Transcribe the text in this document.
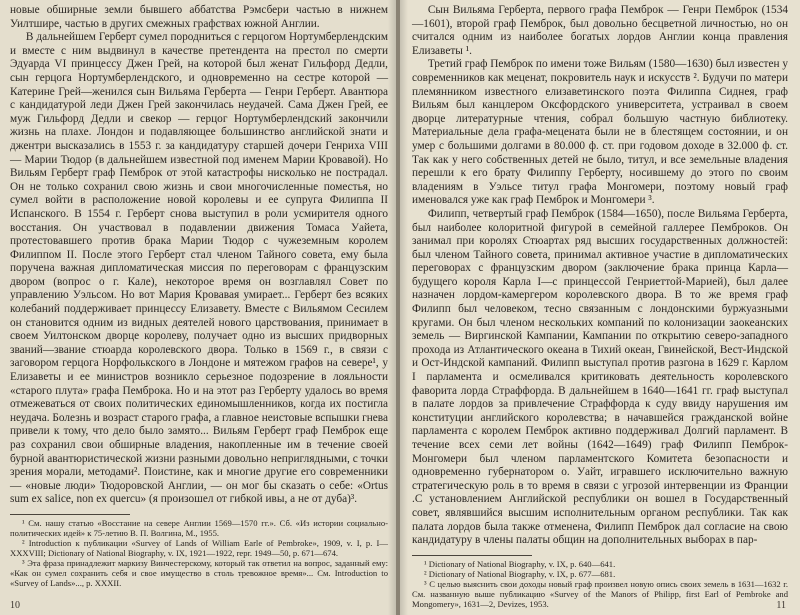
новые обширные земли бывшего аббатства Рэмсбери частью в нижнем Уилтшире, частью в других смежных графствах южной Англии.

В дальнейшем Герберт сумел породниться с герцогом Нортумберлендским и вместе с ним выдвинул в качестве претендента на престол по смерти Эдуарда VI принцессу Джен Грей, на которой был женат Гильфорд Дедли, сын герцога Нортумберлендского, и одновременно на сестре которой — Катерине Грей—женился сын Вильяма Герберта — Генри Герберт. Авантюра с кандидатурой леди Джен Грей закончилась неудачей. Сама Джен Грей, ее муж Гильфорд Дедли и свекор — герцог Нортумберлендский закончили жизнь на плахе. Лондон и подавляющее большинство английской знати и джентри высказались в 1553 г. за кандидатуру старшей дочери Генриха VIII — Марии Тюдор (в дальнейшем известной под именем Марии Кровавой). Но Вильям Герберт граф Пемброк от этой катастрофы нисколько не пострадал. Он не только сохранил свою жизнь и свои многочисленные поместья, но сумел войти в расположение новой королевы и ее супруга Филиппа II Испанского. В 1554 г. Герберт снова выступил в роли усмирителя одного восстания. Он участвовал в подавлении движения Томаса Уайета, протестовавшего против брака Марии Тюдор с чужеземным королем Филиппом II. После этого Герберт стал членом Тайного совета, ему была поручена важная дипломатическая миссия по переговорам с французским двором (вопрос о г. Кале), некоторое время он возглавлял Совет по управлению Уэльсом. Но вот Мария Кровавая умирает... Герберт без всяких колебаний поддерживает принцессу Елизавету. Вместе с Вильямом Сесилем он становится одним из видных деятелей нового царствования, принимает в своем Уилтонском дворце королеву, получает одно из высших придворных званий—звание стюарда королевского двора. Только в 1569 г., в связи с заговором герцога Норфолькского в Лондоне и мятежом графов на севере¹, у Елизаветы и ее министров возникло серьезное подозрение в лояльности «старого плута» графа Пемброка. Но и на этот раз Герберту удалось во время отмежеваться от своих политических единомышленников, когда их постигла неудача. Болезнь и возраст старого графа, а главное неистовые вспышки гнева привели к тому, что дело было замято... Вильям Герберт граф Пемброк еще раз сохранил свои обширные владения, накопленные им в течение своей бурной авантюристической жизни разными довольно неприглядными, с точки зрения морали, методами². Поистине, как и многие другие его современники — «новые люди» Тюдоровской Англии, — он мог бы сказать о себе: «Ortus sum ex salice, non ex quercu» (я произошел от гибкой ивы, а не от дуба)³.

¹ См. нашу статью «Восстание на севере Англии 1569—1570 гг.». Сб. «Из истории социально-политических идей» к 75-летию В. П. Волгина, М., 1955.

² Introduction к публикации «Survey of Lands of William Earle of Pembroke», 1909, v. I, p. I—XXXVIII; Dictionary of National Biography, v. IX, 1921—1922, repr. 1949—50, p. 671—674.

³ Эта фраза принадлежит маркизу Винчестерскому, который так ответил на вопрос, заданный ему: «Как он сумел сохранить себя и свое имущество в столь тревожное время»... См. Introduction to «Survey of Lands»..., p. XXXII.

10

Сын Вильяма Герберта, первого графа Пемброк — Генри Пемброк (1534—1601), второй граф Пемброк, был довольно бесцветной личностью, но он считался одним из наиболее богатых лордов Англии конца правления Елизаветы ¹.

Третий граф Пемброк по имени тоже Вильям (1580—1630) был известен у современников как меценат, покровитель наук и искусств ². Будучи по матери племянником известного елизаветинского поэта Филиппа Сиднея, граф Вильям был канцлером Оксфордского университета, устраивал в своем дворце литературные чтения, собрал большую частную библиотеку. Материальные дела графа-мецената были не в блестящем состоянии, и он умер с большими долгами в 80.000 ф. ст. при годовом доходе в 32.000 ф. ст. Так как у него собственных детей не было, титул, и все земельные владения перешли к его брату Филиппу Герберту, носившему до этого по своим владениям в Уэльсе титул графа Монгомери, поэтому новый граф именовался уже как граф Пемброк и Монгомери ³.

Филипп, четвертый граф Пемброк (1584—1650), после Вильяма Герберта, был наиболее колоритной фигурой в семейной галлерее Пемброков. Он занимал при королях Стюартах ряд высших государственных должностей: был членом Тайного совета, принимал активное участие в дипломатических переговорах с французским двором (заключение брака принца Карла—будущего короля Карла I—с принцессой Генриеттой-Марией), был далее назначен лордом-камергером королевского двора. В то же время граф Филипп был человеком, тесно связанным с лондонскими буржуазными кругами. Он был членом нескольких компаний по колонизации заокеанских земель — Виргинской Кампании, Кампании по открытию северо-западного прохода из Атлантического океана в Тихий океан, Гвинейской, Вест-Индской и Ост-Индской кампаний. Филипп выступал против разгона в 1629 г. Карлом I парламента и осмеливался критиковать деятельность королевского фаворита лорда Страффорда. В дальнейшем в 1640—1641 гг. граф выступал в палате лордов за привлечение Страффорда к суду ввиду нарушения им конституции английского королевства; в начавшейся гражданской войне парламента с королем Пемброк активно поддерживал Долгий парламент. В течение всех семи лет войны (1642—1649) граф Филипп Пемброк-Монгомери был членом парламентского Комитета безопасности и одновременно губернатором о. Уайт, игравшего исключительно важную стратегическую роль в то время в связи с угрозой интервенции из Франции .С установлением Английской республики он вошел в Государственный совет, являвшийся высшим исполнительным органом республики. Так как палата лордов была также отменена, Филипп Пемброк дал согласие на свою кандидатуру в члены палаты общин на дополнительных выборах в пар-

¹ Dictionary of National Biography, v. IX, p. 640—641.

² Dictionary of National Biography, v. IX, p. 677—681.

³ С целью выяснить свои доходы новый граф произвел новую опись своих земель в 1631—1632 г. См. названную выше публикацию «Survey of the Manors of Philipp, first Earl of Pembroke and Mongomery», 1631—2, Devizes, 1953.	11
